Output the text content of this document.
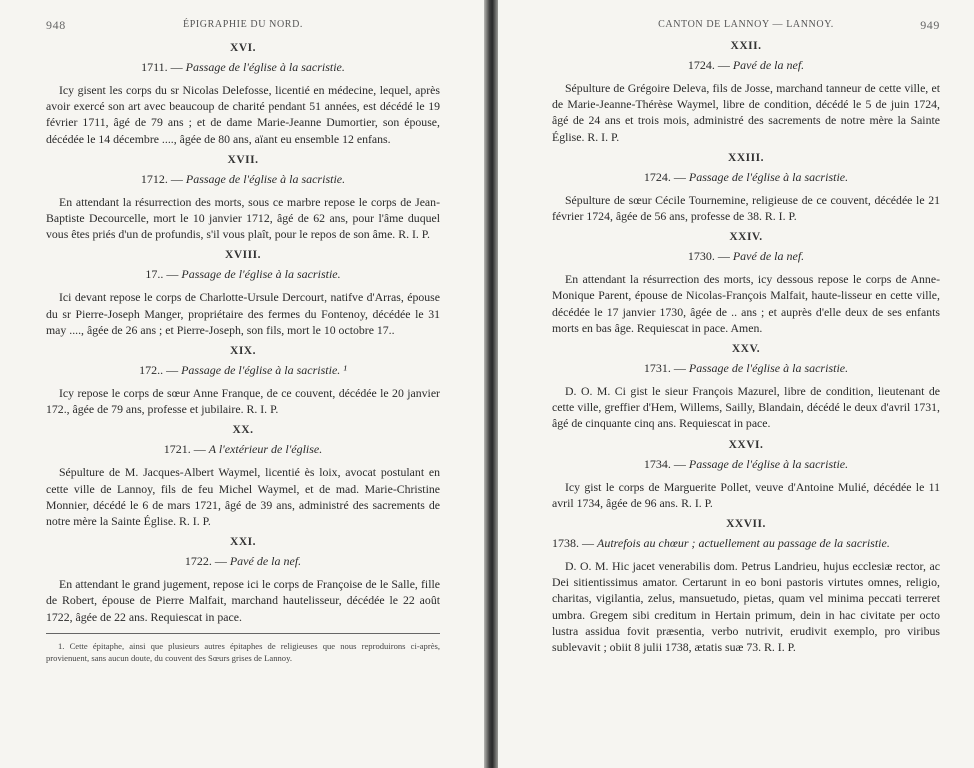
948	ÉPIGRAPHIE DU NORD.
XVI.
1711. — Passage de l'église à la sacristie.

Icy gisent les corps du sr Nicolas Delefosse, licentié en médecine, lequel, après avoir exercé son art avec beaucoup de charité pendant 51 années, est décédé le 19 février 1711, âgé de 79 ans ; et de dame Marie-Jeanne Dumortier, son épouse, décédée le 14 décembre ...., âgée de 80 ans, aïant eu ensemble 12 enfans.

XVII.
1712. — Passage de l'église à la sacristie.

En attendant la résurrection des morts, sous ce marbre repose le corps de Jean-Baptiste Decourcelle, mort le 10 janvier 1712, âgé de 62 ans, pour l'âme duquel vous êtes priés d'un de profundis, s'il vous plaît, pour le repos de son âme. R. I. P.

XVIII.
17.. — Passage de l'église à la sacristie.

Ici devant repose le corps de Charlotte-Ursule Dercourt, natifve d'Arras, épouse du sr Pierre-Joseph Manger, propriétaire des fermes du Fontenoy, décédée le 31 may ...., âgée de 26 ans ; et Pierre-Joseph, son fils, mort le 10 octobre 17..

XIX.
172.. — Passage de l'église à la sacristie. ¹

Icy repose le corps de sœur Anne Franque, de ce couvent, décédée le 20 janvier 172., âgée de 79 ans, professe et jubilaire. R. I. P.

XX.
1721. — A l'extérieur de l'église.

Sépulture de M. Jacques-Albert Waymel, licentié ès loix, avocat postulant en cette ville de Lannoy, fils de feu Michel Waymel, et de mad. Marie-Christine Monnier, décédé le 6 de mars 1721, âgé de 39 ans, administré des sacrements de notre mère la Sainte Église. R. I. P.

XXI.
1722. — Pavé de la nef.

En attendant le grand jugement, repose ici le corps de Françoise de le Salle, fille de Robert, épouse de Pierre Malfait, marchand hautelisseur, décédée le 22 août 1722, âgée de 22 ans. Requiescat in pace.

1. Cette épitaphe, ainsi que plusieurs autres épitaphes de religieuses que nous reproduirons ci-après, provienuent, sans aucun doute, du couvent des Sœurs grises de Lannoy.

CANTON DE LANNOY — LANNOY.	949
XXII.
1724. — Pavé de la nef.

Sépulture de Grégoire Deleva, fils de Josse, marchand tanneur de cette ville, et de Marie-Jeanne-Thérèse Waymel, libre de condition, décédé le 5 de juin 1724, âgé de 24 ans et trois mois, administré des sacrements de notre mère la Sainte Église. R. I. P.

XXIII.
1724. — Passage de l'église à la sacristie.

Sépulture de sœur Cécile Tournemine, religieuse de ce couvent, décédée le 21 février 1724, âgée de 56 ans, professe de 38. R. I. P.

XXIV.
1730. — Pavé de la nef.

En attendant la résurrection des morts, icy dessous repose le corps de Anne-Monique Parent, épouse de Nicolas-François Malfait, haute-lisseur en cette ville, décédée le 17 janvier 1730, âgée de .. ans ; et auprès d'elle deux de ses enfants morts en bas âge. Requiescat in pace. Amen.

XXV.
1731. — Passage de l'église à la sacristie.

D. O. M. Ci gist le sieur François Mazurel, libre de condition, lieutenant de cette ville, greffier d'Hem, Willems, Sailly, Blandain, décédé le deux d'avril 1731, âgé de cinquante cinq ans. Requiescat in pace.

XXVI.
1734. — Passage de l'église à la sacristie.

Icy gist le corps de Marguerite Pollet, veuve d'Antoine Mulié, décédée le 11 avril 1734, âgée de 96 ans. R. I. P.

XXVII.
1738. — Autrefois au chœur ; actuellement au passage de la sacristie.

D. O. M. Hic jacet venerabilis dom. Petrus Landrieu, hujus ecclesiæ rector, ac Dei sitientissimus amator. Certarunt in eo boni pastoris virtutes omnes, religio, charitas, vigilantia, zelus, mansuetudo, pietas, quam vel minima peccati terreret umbra. Gregem sibi creditum in Hertain primum, dein in hac civitate per octo lustra assidua fovit præsentia, verbo nutrivit, erudivit exemplo, pro viribus sublevavit ; obiit 8 julii 1738, ætatis suæ 73. R. I. P.
